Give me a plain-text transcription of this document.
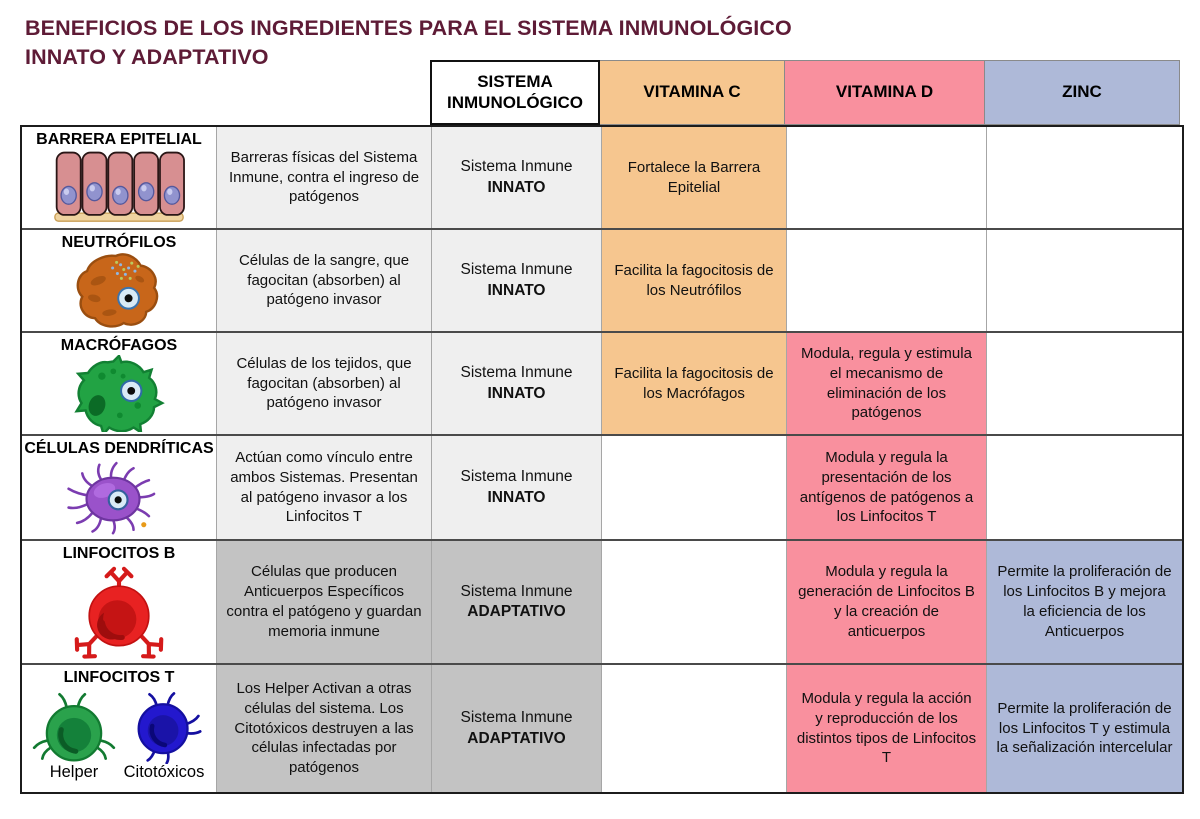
BENEFICIOS DE LOS INGREDIENTES PARA EL SISTEMA INMUNOLÓGICO
INNATO Y ADAPTATIVO
SISTEMA INMUNOLÓGICO
VITAMINA C	VITAMINA D	ZINC
BARRERA EPITELIAL
Barreras físicas del Sistema Inmune, contra el ingreso de patógenos
Sistema Inmune
INNATO
Fortalece la Barrera Epitelial
NEUTRÓFILOS
Células de la sangre, que fagocitan (absorben) al patógeno invasor
Sistema Inmune
INNATO
Facilita la fagocitosis de los Neutrófilos
MACRÓFAGOS
Células de los tejidos, que fagocitan (absorben) al patógeno invasor
Sistema Inmune
INNATO
Facilita la fagocitosis de los Macrófagos
Modula, regula y estimula el mecanismo de eliminación de los patógenos
CÉLULAS DENDRÍTICAS
Actúan como vínculo entre ambos Sistemas. Presentan al patógeno invasor a los Linfocitos T
Sistema Inmune
INNATO
Modula y regula la presentación de los antígenos de patógenos a los Linfocitos T
LINFOCITOS B
Células que producen Anticuerpos Específicos contra el patógeno y guardan memoria inmune
Sistema Inmune
ADAPTATIVO
Modula y regula la generación de Linfocitos B y la creación de anticuerpos
Permite la proliferación de los Linfocitos B y mejora la eficiencia de los Anticuerpos
LINFOCITOS T
Helper Citotóxicos
Los Helper Activan a otras células del sistema. Los Citotóxicos destruyen a las células infectadas por patógenos
Sistema Inmune
ADAPTATIVO
Modula y regula la acción y reproducción de los distintos tipos de Linfocitos T
Permite la proliferación de los Linfocitos T y estimula la señalización intercelular
